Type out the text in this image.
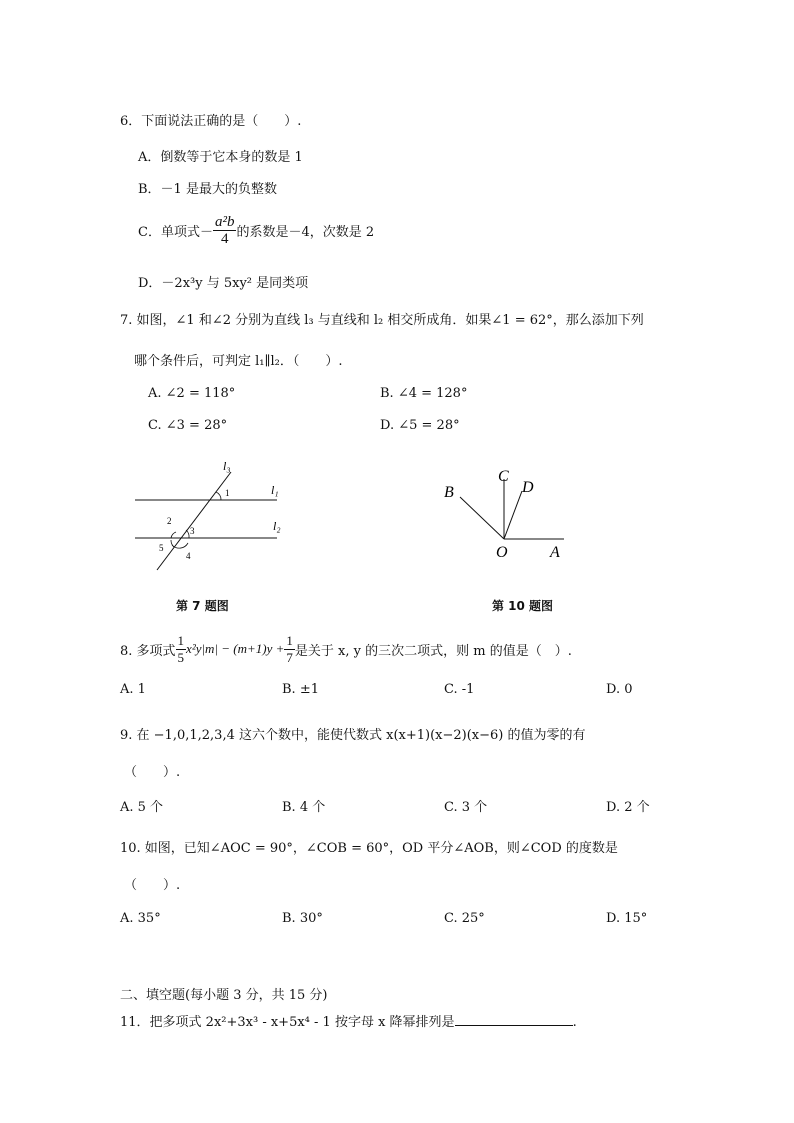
6．下面说法正确的是（　　）.
A．倒数等于它本身的数是 1
B．－1 是最大的负整数
C．单项式－ $\frac{\text{a²b}}{4}$ 的系数是－4，次数是 2
D．－2x³y 与 5xy² 是同类项
7. 如图，∠1 和∠2 分别为直线 l₃ 与直线和 l₂ 相交所成角．如果∠1 = 62°，那么添加下列
哪个条件后，可判定 l₁∥l₂．（　　）.
A. ∠2 = 118°	B. ∠4 = 128°
C. ∠3 = 28°	D. ∠5 = 28°
l₃
l₁
l₂
1
2
3
4
5
第 7 题图
B
C
D
O	A
第 10 题图
8. 多项式 $\frac{1}{5} x^2y|m| - (m+1)y + \frac{1}{7}$ 是关于 x, y 的三次二项式，则 m 的值是（　）.
A. 1	B. ±1	C. -1	D. 0
9. 在 −1,0,1,2,3,4 这六个数中，能使代数式 x(x+1)(x−2)(x−6) 的值为零的有
（　　）.
A. 5 个	B. 4 个	C. 3 个	D. 2 个
10. 如图，已知∠AOC = 90°，∠COB = 60°，OD 平分∠AOB，则∠COD 的度数是
（　　）.
A. 35°	B. 30°	C. 25°	D. 15°
二、填空题(每小题 3 分，共 15 分)
11．把多项式 2x²+3x³ - x+5x⁴ - 1 按字母 x 降幂排列是	.
